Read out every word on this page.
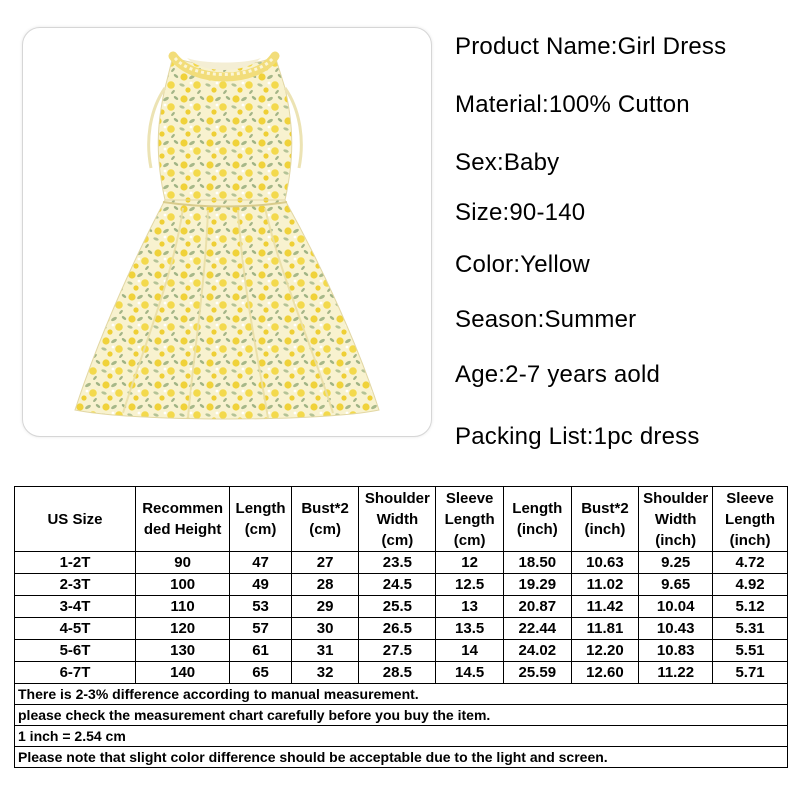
Product Name:Girl Dress
Material:100% Cutton
Sex:Baby
Size:90-140
Color:Yellow
Season:Summer
Age:2-7 years aold
Packing List:1pc dress
US Size	Recommen ded Height	Length (cm)	Bust*2 (cm)	Shoulder Width (cm)	Sleeve Length (cm)	Length (inch)	Bust*2 (inch)	Shoulder Width (inch)	Sleeve Length (inch)
1-2T	90	47	27	23.5	12	18.50	10.63	9.25	4.72
2-3T	100	49	28	24.5	12.5	19.29	11.02	9.65	4.92
3-4T	110	53	29	25.5	13	20.87	11.42	10.04	5.12
4-5T	120	57	30	26.5	13.5	22.44	11.81	10.43	5.31
5-6T	130	61	31	27.5	14	24.02	12.20	10.83	5.51
6-7T	140	65	32	28.5	14.5	25.59	12.60	11.22	5.71
There is 2-3% difference according to manual measurement.									
please check the measurement chart carefully before you buy the item.									
1 inch = 2.54 cm									
Please note that slight color difference should be acceptable due to the light and screen.									
